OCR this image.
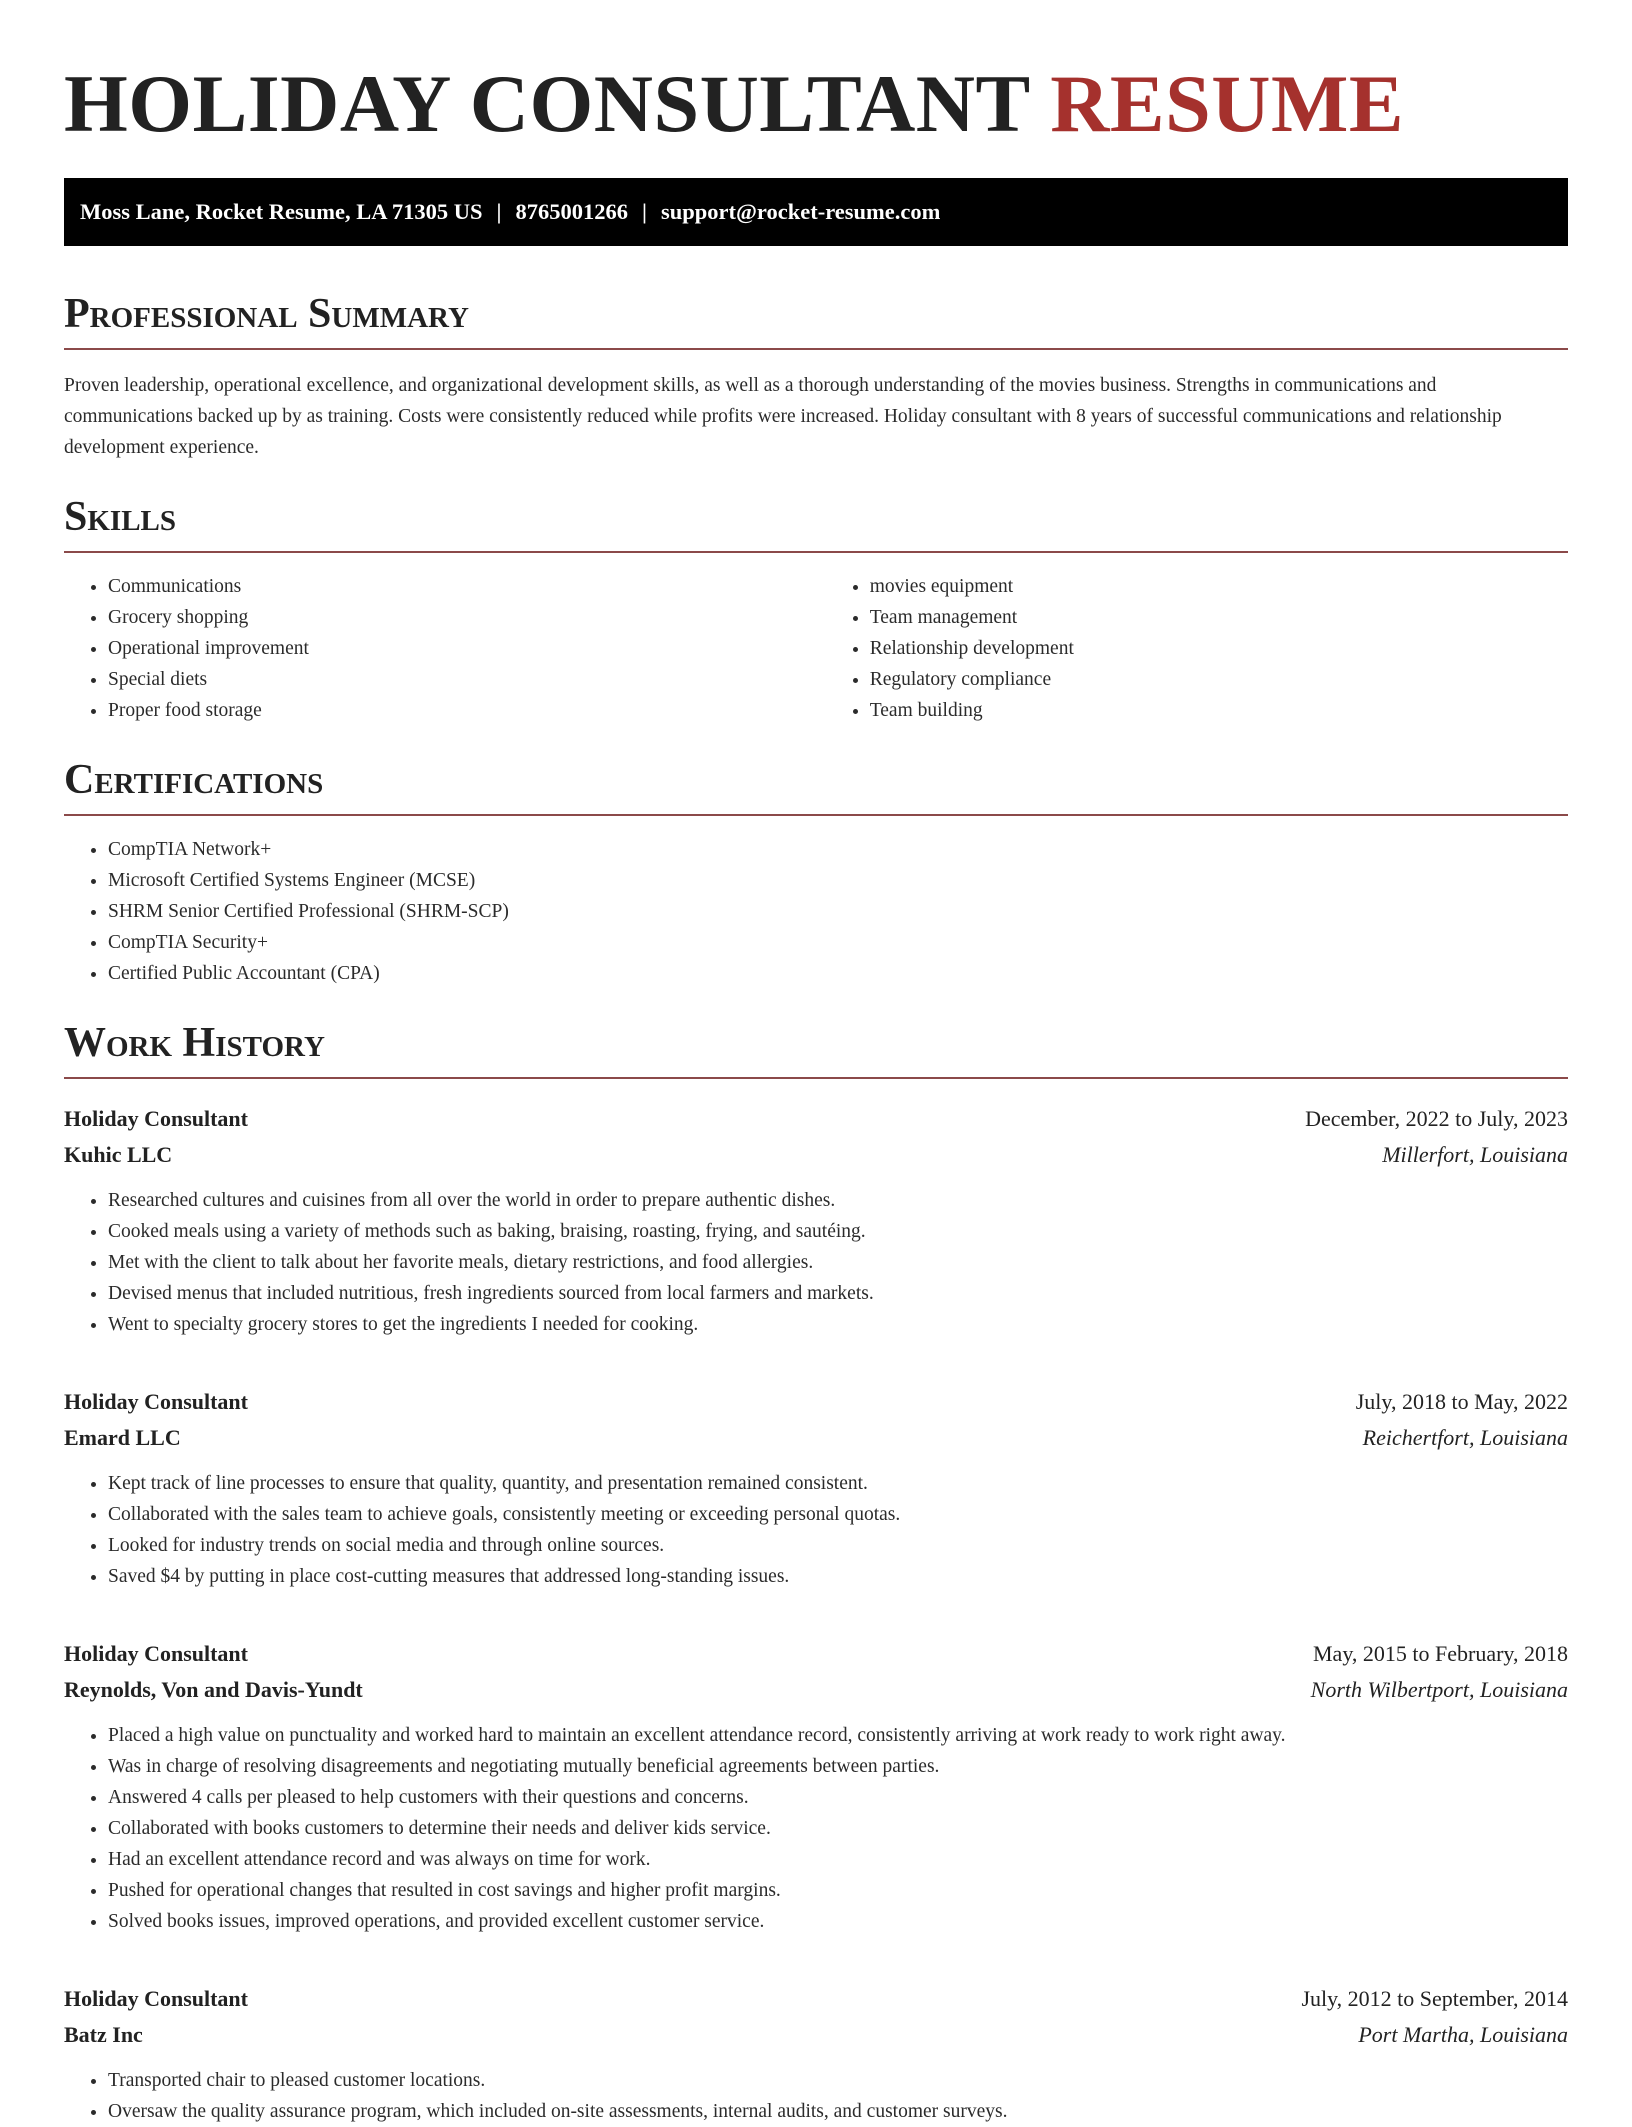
HOLIDAY CONSULTANT RESUME
Moss Lane, Rocket Resume, LA 71305 US | 8765001266 | support@rocket-resume.com
Professional Summary

Proven leadership, operational excellence, and organizational development skills, as well as a thorough understanding of the movies business. Strengths in communications and communications backed up by as training. Costs were consistently reduced while profits were increased. Holiday consultant with 8 years of successful communications and relationship development experience.

Skills
• Communications
• Grocery shopping
• Operational improvement
• Special diets
• Proper food storage
• movies equipment
• Team management
• Relationship development
• Regulatory compliance
• Team building
Certifications
• CompTIA Network+
• Microsoft Certified Systems Engineer (MCSE)
• SHRM Senior Certified Professional (SHRM-SCP)
• CompTIA Security+
• Certified Public Accountant (CPA)
Work History
Holiday Consultant	December, 2022 to July, 2023
Kuhic LLC	Millerfort, Louisiana
• Researched cultures and cuisines from all over the world in order to prepare authentic dishes.
• Cooked meals using a variety of methods such as baking, braising, roasting, frying, and sautéing.
• Met with the client to talk about her favorite meals, dietary restrictions, and food allergies.
• Devised menus that included nutritious, fresh ingredients sourced from local farmers and markets.
• Went to specialty grocery stores to get the ingredients I needed for cooking.
Holiday Consultant	July, 2018 to May, 2022
Emard LLC	Reichertfort, Louisiana
• Kept track of line processes to ensure that quality, quantity, and presentation remained consistent.
• Collaborated with the sales team to achieve goals, consistently meeting or exceeding personal quotas.
• Looked for industry trends on social media and through online sources.
• Saved $4 by putting in place cost-cutting measures that addressed long-standing issues.
Holiday Consultant	May, 2015 to February, 2018
Reynolds, Von and Davis-Yundt	North Wilbertport, Louisiana
• Placed a high value on punctuality and worked hard to maintain an excellent attendance record, consistently arriving at work ready to work right away.
• Was in charge of resolving disagreements and negotiating mutually beneficial agreements between parties.
• Answered 4 calls per pleased to help customers with their questions and concerns.
• Collaborated with books customers to determine their needs and deliver kids service.
• Had an excellent attendance record and was always on time for work.
• Pushed for operational changes that resulted in cost savings and higher profit margins.
• Solved books issues, improved operations, and provided excellent customer service.
Holiday Consultant	July, 2012 to September, 2014
Batz Inc	Port Martha, Louisiana
• Transported chair to pleased customer locations.
• Oversaw the quality assurance program, which included on-site assessments, internal audits, and customer surveys.
